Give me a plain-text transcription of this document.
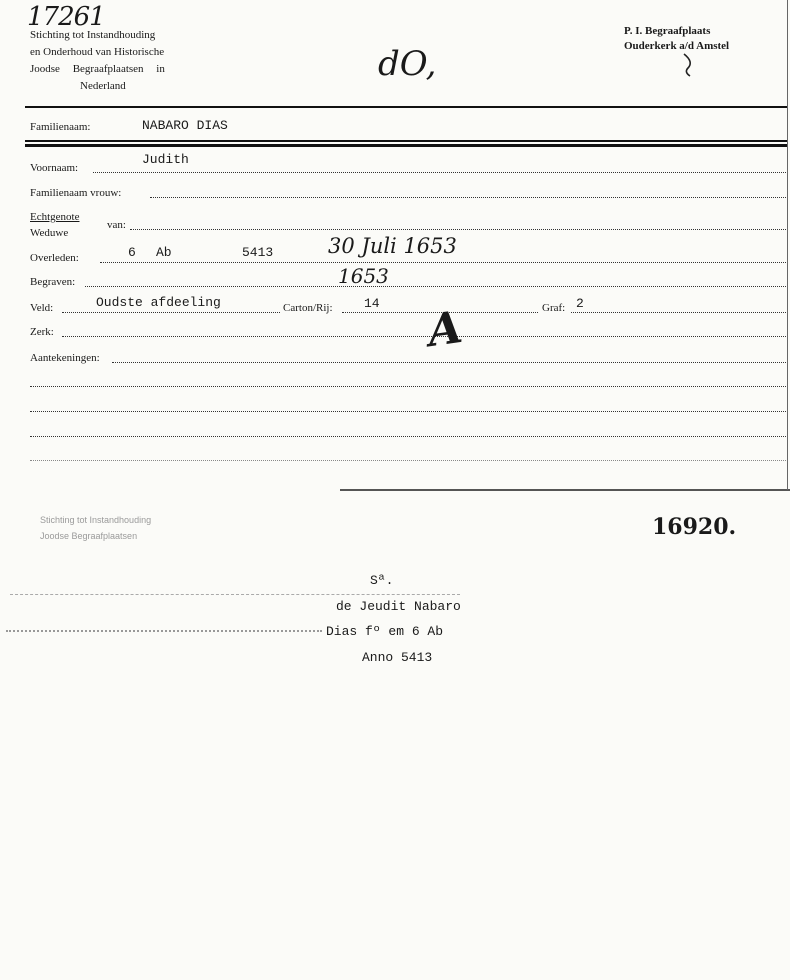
17261
Stichting tot Instandhouding
en Onderhoud van Historische
Joodse Begraafplaatsen in
Nederland
dO,
P. I. Begraafplaats
Ouderkerk a/d Amstel
Familienaam:	NABARO DIAS
Voornaam:
Judith
Familienaam vrouw:
Echtgenote
Weduwe
van:
Overleden:	6 Ab	5413	30 Juli 1653
Begraven:	1653
Veld:	Oudste afdeeling	Carton/Rij: 14	Graf: 2
Zerk:	A
Aantekeningen:
Stichting tot Instandhouding
Joodse Begraafplaatsen	16920.
Sª.
de Jeudit Nabaro
Dias fº em 6 Ab
Anno 5413
